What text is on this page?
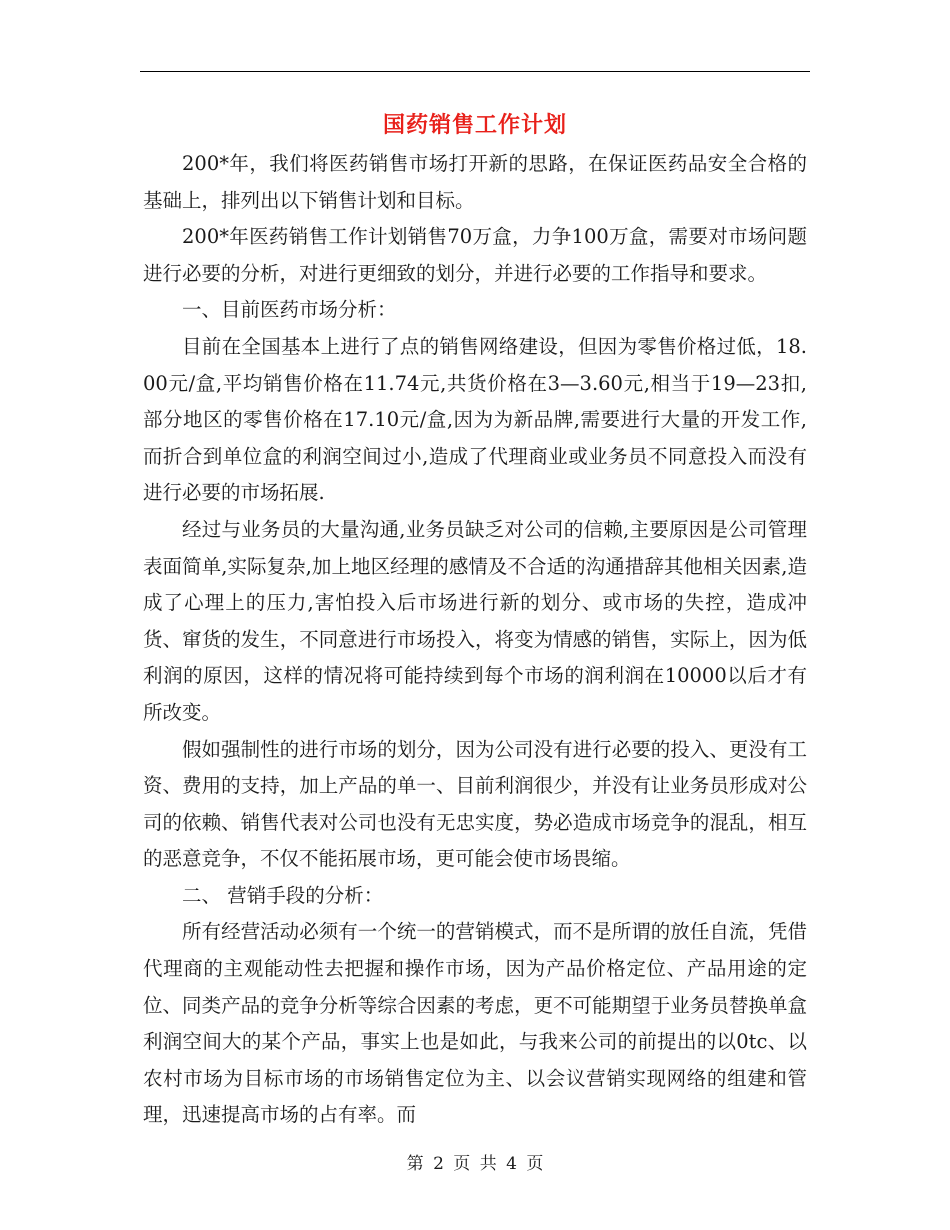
国药销售工作计划

200*年，我们将医药销售市场打开新的思路，在保证医药品安全合格的基础上，排列出以下销售计划和目标。

200*年医药销售工作计划销售70万盒，力争100万盒，需要对市场问题进行必要的分析，对进行更细致的划分，并进行必要的工作指导和要求。

一、目前医药市场分析：

目前在全国基本上进行了点的销售网络建设，但因为零售价格过低，18.00元/盒,平均销售价格在11.74元,共货价格在3—3.60元,相当于19—23扣,部分地区的零售价格在17.10元/盒,因为为新品牌,需要进行大量的开发工作,而折合到单位盒的利润空间过小,造成了代理商业或业务员不同意投入而没有进行必要的市场拓展.

经过与业务员的大量沟通,业务员缺乏对公司的信赖,主要原因是公司管理表面简单,实际复杂,加上地区经理的感情及不合适的沟通措辞其他相关因素,造成了心理上的压力,害怕投入后市场进行新的划分、或市场的失控，造成冲货、窜货的发生，不同意进行市场投入，将变为情感的销售，实际上，因为低利润的原因，这样的情况将可能持续到每个市场的润利润在10000以后才有所改变。

假如强制性的进行市场的划分，因为公司没有进行必要的投入、更没有工资、费用的支持，加上产品的单一、目前利润很少，并没有让业务员形成对公司的依赖、销售代表对公司也没有无忠实度，势必造成市场竞争的混乱，相互的恶意竞争，不仅不能拓展市场，更可能会使市场畏缩。

二、 营销手段的分析：

所有经营活动必须有一个统一的营销模式，而不是所谓的放任自流，凭借代理商的主观能动性去把握和操作市场，因为产品价格定位、产品用途的定位、同类产品的竞争分析等综合因素的考虑，更不可能期望于业务员替换单盒利润空间大的某个产品，事实上也是如此，与我来公司的前提出的以0tc、以农村市场为目标市场的市场销售定位为主、以会议营销实现网络的组建和管理，迅速提高市场的占有率。而

第 2 页 共 4 页
